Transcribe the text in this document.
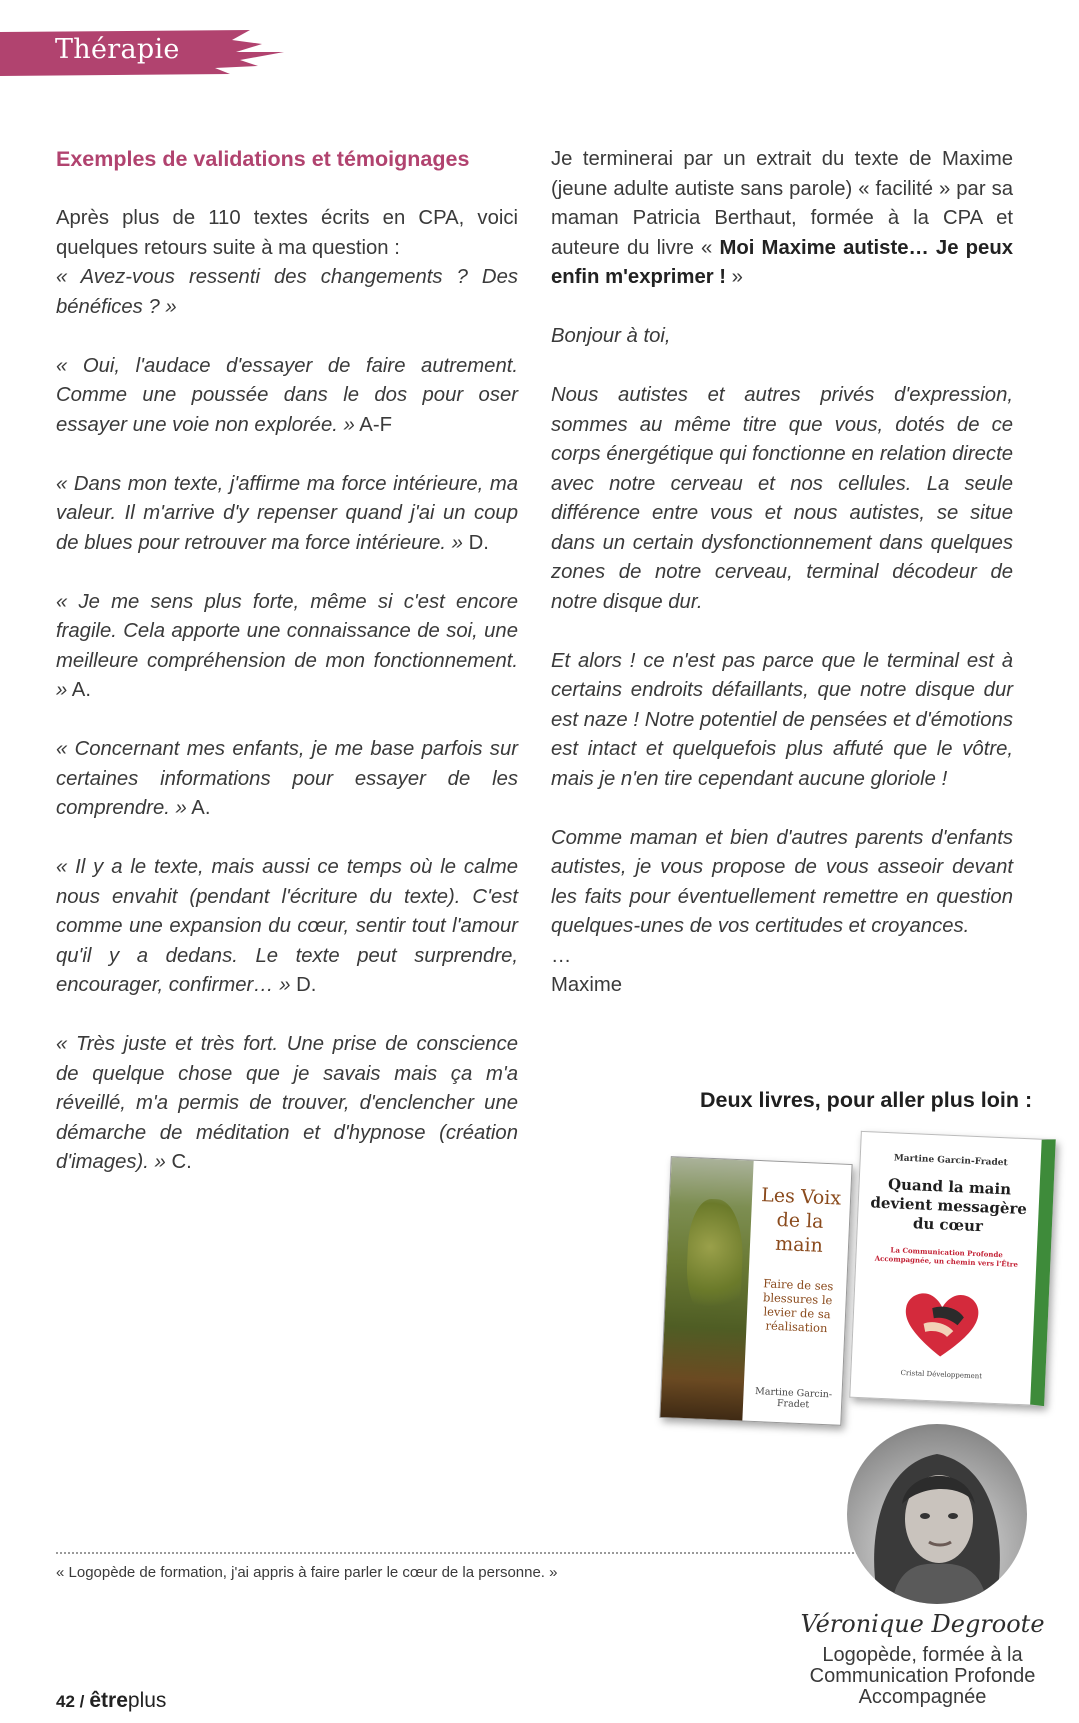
Thérapie

Exemples de validations et témoignages

Après plus de 110 textes écrits en CPA, voici quelques retours suite à ma question :

« Avez-vous ressenti des changements ? Des bénéfices ? »

« Oui, l'audace d'essayer de faire autrement. Comme une poussée dans le dos pour oser essayer une voie non explorée. » A-F

« Dans mon texte, j'affirme ma force intérieure, ma valeur. Il m'arrive d'y repenser quand j'ai un coup de blues pour retrouver ma force intérieure. » D.

« Je me sens plus forte, même si c'est encore fragile. Cela apporte une connaissance de soi, une meilleure compréhension de mon fonctionnement. » A.

« Concernant mes enfants, je me base parfois sur certaines informations pour essayer de les comprendre. » A.

« Il y a le texte, mais aussi ce temps où le calme nous envahit (pendant l'écriture du texte). C'est comme une expansion du cœur, sentir tout l'amour qu'il y a dedans. Le texte peut surprendre, encourager, confirmer… » D.

« Très juste et très fort. Une prise de conscience de quelque chose que je savais mais ça m'a réveillé, m'a permis de trouver, d'enclencher une démarche de méditation et d'hypnose (création d'images). » C.

Je terminerai par un extrait du texte de Maxime (jeune adulte autiste sans parole) « facilité » par sa maman Patricia Berthaut, formée à la CPA et auteure du livre « Moi Maxime autiste… Je peux enfin m'exprimer ! »

Bonjour à toi,

Nous autistes et autres privés d'expression, sommes au même titre que vous, dotés de ce corps énergétique qui fonctionne en relation directe avec notre cerveau et nos cellules. La seule différence entre vous et nous autistes, se situe dans un certain dysfonctionnement dans quelques zones de notre cerveau, terminal décodeur de notre disque dur.

Et alors ! ce n'est pas parce que le terminal est à certains endroits défaillants, que notre disque dur est naze ! Notre potentiel de pensées et d'émotions est intact et quelquefois plus affuté que le vôtre, mais je n'en tire cependant aucune gloriole !

Comme maman et bien d'autres parents d'enfants autistes, je vous propose de vous asseoir devant les faits pour éventuellement remettre en question quelques-unes de vos certitudes et croyances.

…

Maxime

Deux livres, pour aller plus loin :
Les Voix de la main
Faire de ses blessures le levier de sa réalisation
Martine Garcin-Fradet
Martine Garcin-Fradet
Quand la main devient messagère du cœur
La Communication Profonde Accompagnée, un chemin vers l'Être
Cristal Développement
« Logopède de formation, j'ai appris à faire parler le cœur de la personne. »
Véronique Degroote
Logopède, formée à la Communication Profonde Accompagnée
42 / êtreplus
